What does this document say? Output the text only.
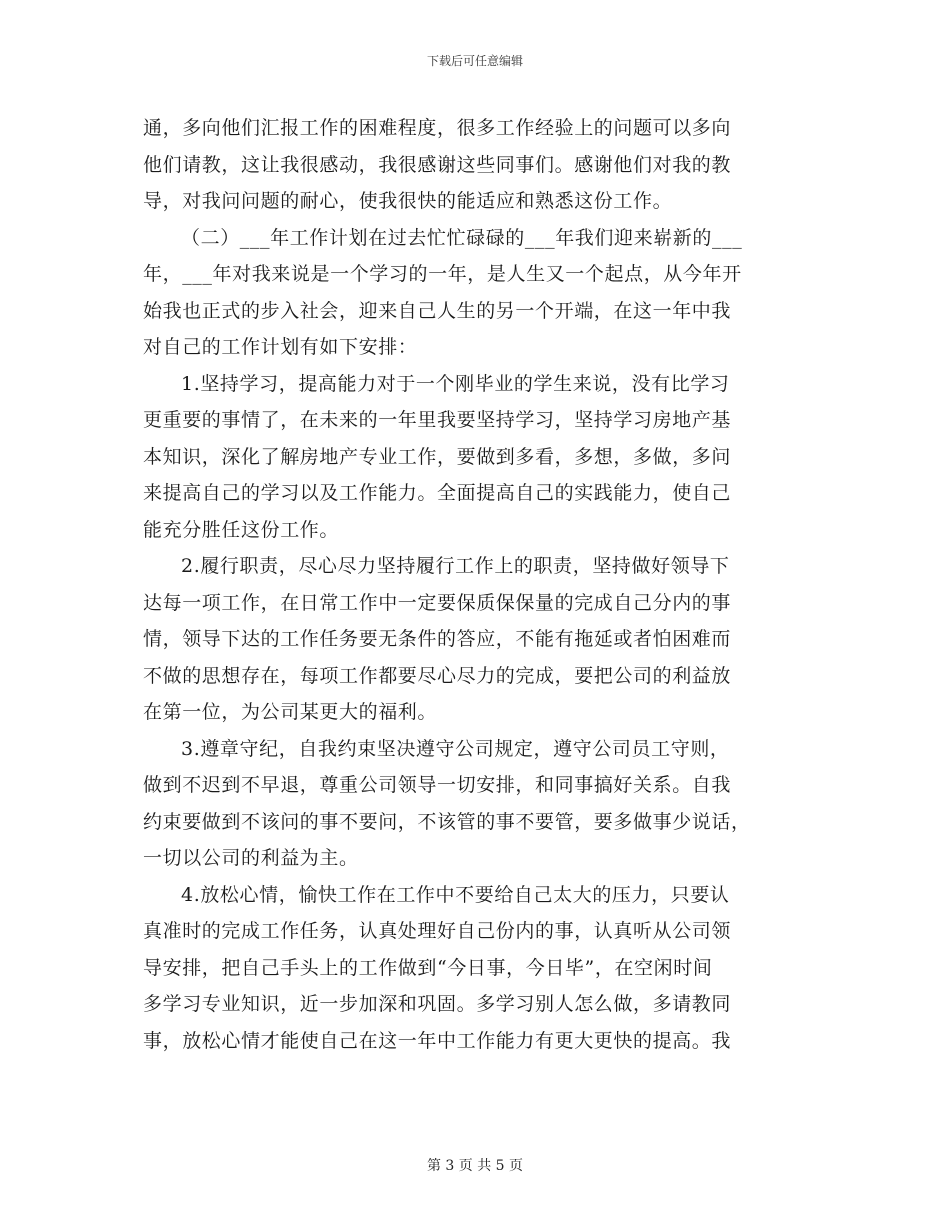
下载后可任意编辑
通，多向他们汇报工作的困难程度，很多工作经验上的问题可以多向
他们请教，这让我很感动，我很感谢这些同事们。感谢他们对我的教
导，对我问问题的耐心，使我很快的能适应和熟悉这份工作。
（二）___年工作计划在过去忙忙碌碌的___年我们迎来崭新的___
年，___年对我来说是一个学习的一年，是人生又一个起点，从今年开
始我也正式的步入社会，迎来自己人生的另一个开端，在这一年中我
对自己的工作计划有如下安排：
1.坚持学习，提高能力对于一个刚毕业的学生来说，没有比学习
更重要的事情了，在未来的一年里我要坚持学习，坚持学习房地产基
本知识，深化了解房地产专业工作，要做到多看，多想，多做，多问
来提高自己的学习以及工作能力。全面提高自己的实践能力，使自己
能充分胜任这份工作。
2.履行职责，尽心尽力坚持履行工作上的职责，坚持做好领导下
达每一项工作，在日常工作中一定要保质保保量的完成自己分内的事
情，领导下达的工作任务要无条件的答应，不能有拖延或者怕困难而
不做的思想存在，每项工作都要尽心尽力的完成，要把公司的利益放
在第一位，为公司某更大的福利。
3.遵章守纪，自我约束坚决遵守公司规定，遵守公司员工守则，
做到不迟到不早退，尊重公司领导一切安排，和同事搞好关系。自我
约束要做到不该问的事不要问，不该管的事不要管，要多做事少说话，
一切以公司的利益为主。
4.放松心情，愉快工作在工作中不要给自己太大的压力，只要认
真准时的完成工作任务，认真处理好自己份内的事，认真听从公司领
导安排，把自己手头上的工作做到“今日事，今日毕”，在空闲时间
多学习专业知识，近一步加深和巩固。多学习别人怎么做，多请教同
事，放松心情才能使自己在这一年中工作能力有更大更快的提高。我
第 3 页 共 5 页
